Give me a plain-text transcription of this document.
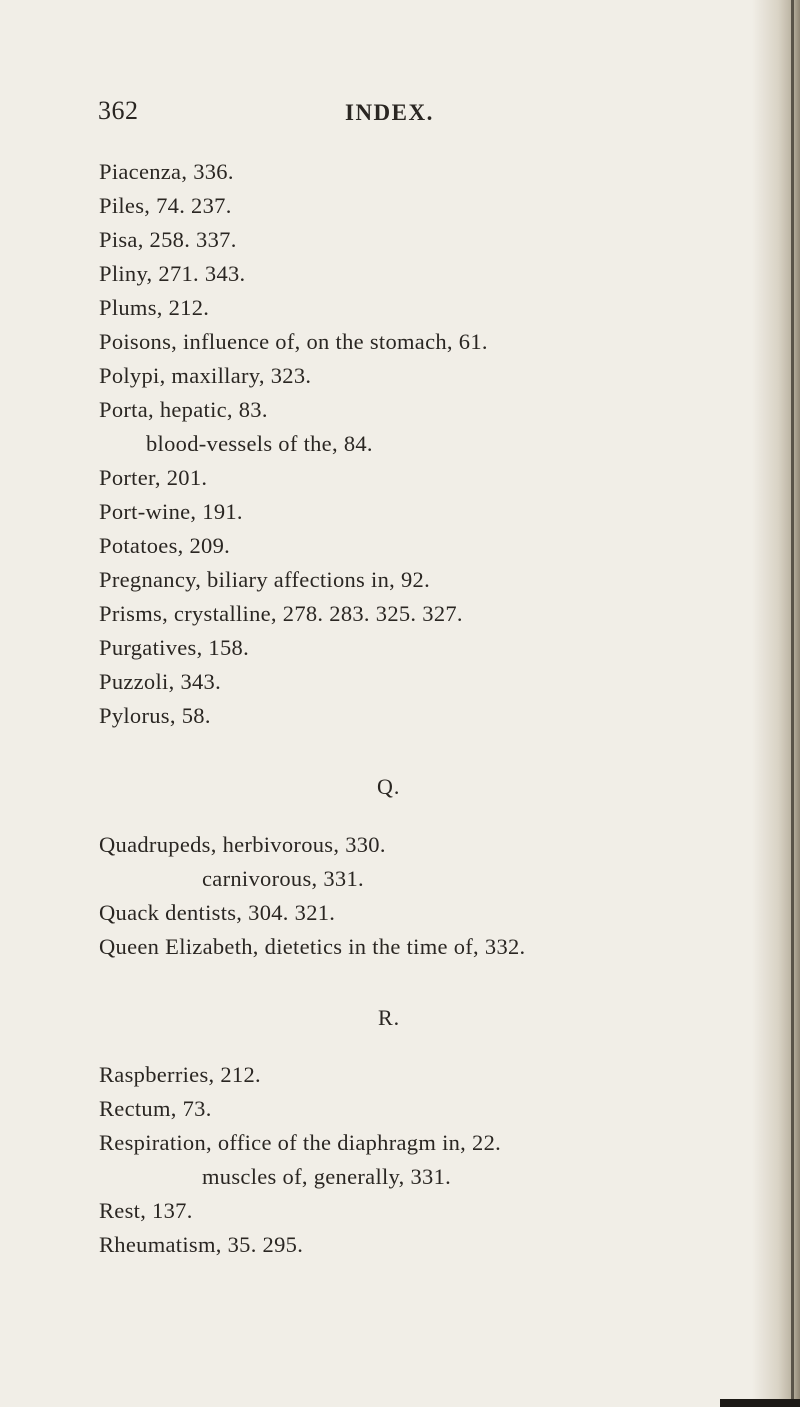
362	INDEX.
Piacenza, 336.
Piles, 74. 237.
Pisa, 258. 337.
Pliny, 271. 343.
Plums, 212.
Poisons, influence of, on the stomach, 61.
Polypi, maxillary, 323.
Porta, hepatic, 83.
blood-vessels of the, 84.
Porter, 201.
Port-wine, 191.
Potatoes, 209.
Pregnancy, biliary affections in, 92.
Prisms, crystalline, 278. 283. 325. 327.
Purgatives, 158.
Puzzoli, 343.
Pylorus, 58.
Q.
Quadrupeds, herbivorous, 330.
carnivorous, 331.
Quack dentists, 304. 321.
Queen Elizabeth, dietetics in the time of, 332.
R.
Raspberries, 212.
Rectum, 73.
Respiration, office of the diaphragm in, 22.
muscles of, generally, 331.
Rest, 137.
Rheumatism, 35. 295.
